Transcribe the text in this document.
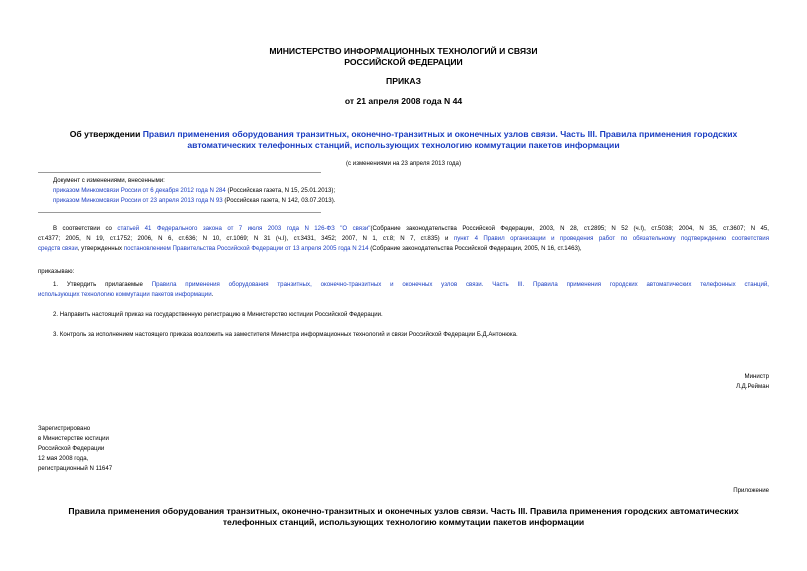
МИНИСТЕРСТВО ИНФОРМАЦИОННЫХ ТЕХНОЛОГИЙ И СВЯЗИ
РОССИЙСКОЙ ФЕДЕРАЦИИ
ПРИКАЗ
от 21 апреля 2008 года N 44
Об утверждении Правил применения оборудования транзитных, оконечно-транзитных и оконечных узлов связи. Часть III. Правила применения городских
автоматических телефонных станций, использующих технологию коммутации пакетов информации
(с изменениями на 23 апреля 2013 года)
Документ с изменениями, внесенными:
приказом Минкомсвязи России от 6 декабря 2012 года N 284 (Российская газета, N 15, 25.01.2013);
приказом Минкомсвязи России от 23 апреля 2013 года N 93 (Российская газета, N 142, 03.07.2013).
В соответствии со статьей 41 Федерального закона от 7 июля 2003 года N 126-ФЗ "О связи"(Собрание законодательства Российской Федерации, 2003, N 28, ст.2895; N 52 (ч.I), ст.5038; 2004, N 35, ст.3607; N 45,
ст.4377; 2005, N 19, ст.1752; 2006, N 6, ст.636; N 10, ст.1069; N 31 (ч.I), ст.3431, 3452; 2007, N 1, ст.8; N 7, ст.835) и пункт 4 Правил организации и проведения работ по обязательному подтверждению соответствия
средств связи, утвержденных постановлением Правительства Российской Федерации от 13 апреля 2005 года N 214 (Собрание законодательства Российской Федерации, 2005, N 16, ст.1463),
приказываю:
1. Утвердить прилагаемые Правила применения оборудования транзитных, оконечно-транзитных и оконечных узлов связи. Часть III. Правила применения городских автоматических телефонных станций,
использующих технологию коммутации пакетов информации.
2. Направить настоящий приказ на государственную регистрацию в Министерство юстиции Российской Федерации.
3. Контроль за исполнением настоящего приказа возложить на заместителя Министра информационных технологий и связи Российской Федерации Б.Д.Антонюка.
Министр
Л.Д.Рейман
Зарегистрировано
в Министерстве юстиции
Российской Федерации
12 мая 2008 года,
регистрационный N 11647
Приложение
Правила применения оборудования транзитных, оконечно-транзитных и оконечных узлов связи. Часть III. Правила применения городских автоматических
телефонных станций, использующих технологию коммутации пакетов информации
